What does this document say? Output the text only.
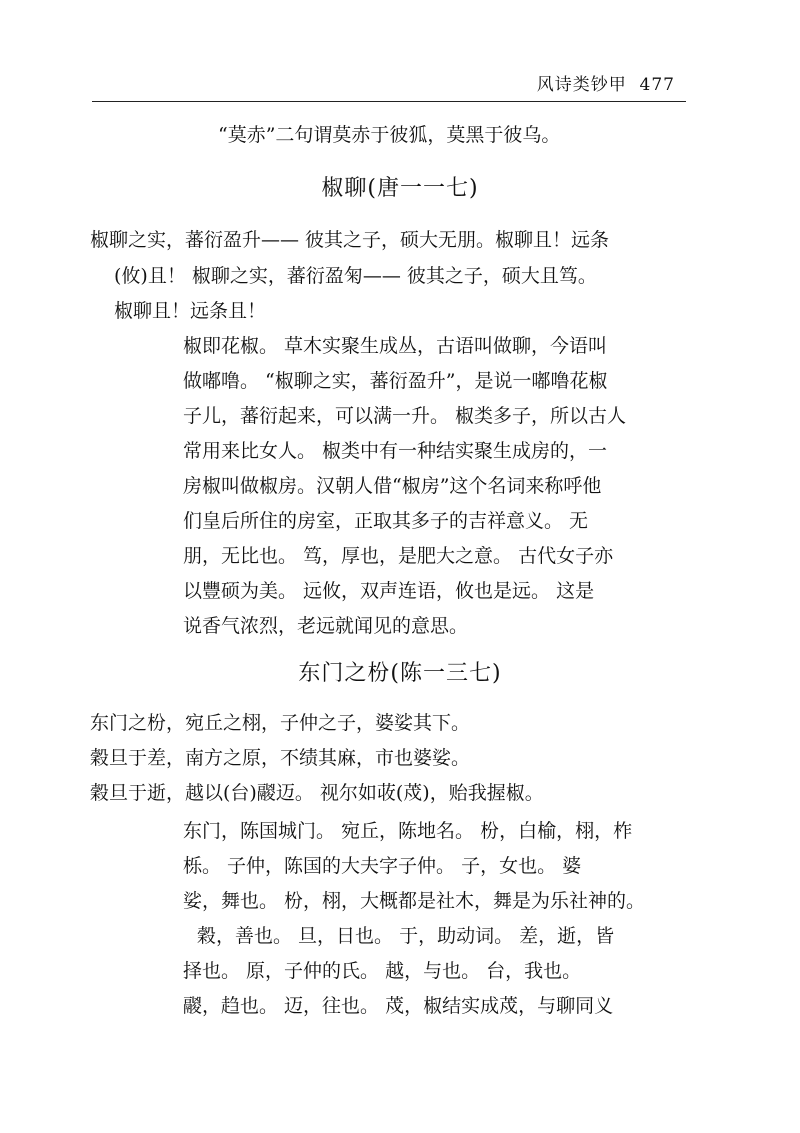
风诗类钞甲 477
“莫赤”二句谓莫赤于彼狐，莫黑于彼乌。
椒聊(唐一一七)
椒聊之实，蕃衍盈升—— 彼其之子，硕大无朋。椒聊且！远条
(攸)且！ 椒聊之实，蕃衍盈匊—— 彼其之子，硕大且笃。
椒聊且！远条且！
椒即花椒。 草木实聚生成丛，古语叫做聊，今语叫
做嘟噜。 “椒聊之实，蕃衍盈升”，是说一嘟噜花椒
子儿，蕃衍起来，可以满一升。 椒类多子，所以古人
常用来比女人。 椒类中有一种结实聚生成房的，一
房椒叫做椒房。汉朝人借“椒房”这个名词来称呼他
们皇后所住的房室，正取其多子的吉祥意义。 无
朋，无比也。 笃，厚也，是肥大之意。 古代女子亦
以豐硕为美。 远攸，双声连语，攸也是远。 这是
说香气浓烈，老远就闻见的意思。
东门之枌(陈一三七)
东门之枌，宛丘之栩，子仲之子，婆娑其下。
穀旦于差，南方之原，不绩其麻，市也婆娑。
穀旦于逝，越以(台)鬷迈。 视尔如荍(荗)，贻我握椒。
东门，陈国城门。 宛丘，陈地名。 枌，白榆，栩，柞
栎。 子仲，陈国的大夫字子仲。 子，女也。 婆
娑，舞也。 枌，栩，大概都是社木，舞是为乐社神的。
穀，善也。 旦，日也。 于，助动词。 差，逝，皆
择也。 原，子仲的氏。 越，与也。 台，我也。
鬷，趋也。 迈，往也。 荗，椒结实成荗，与聊同义
